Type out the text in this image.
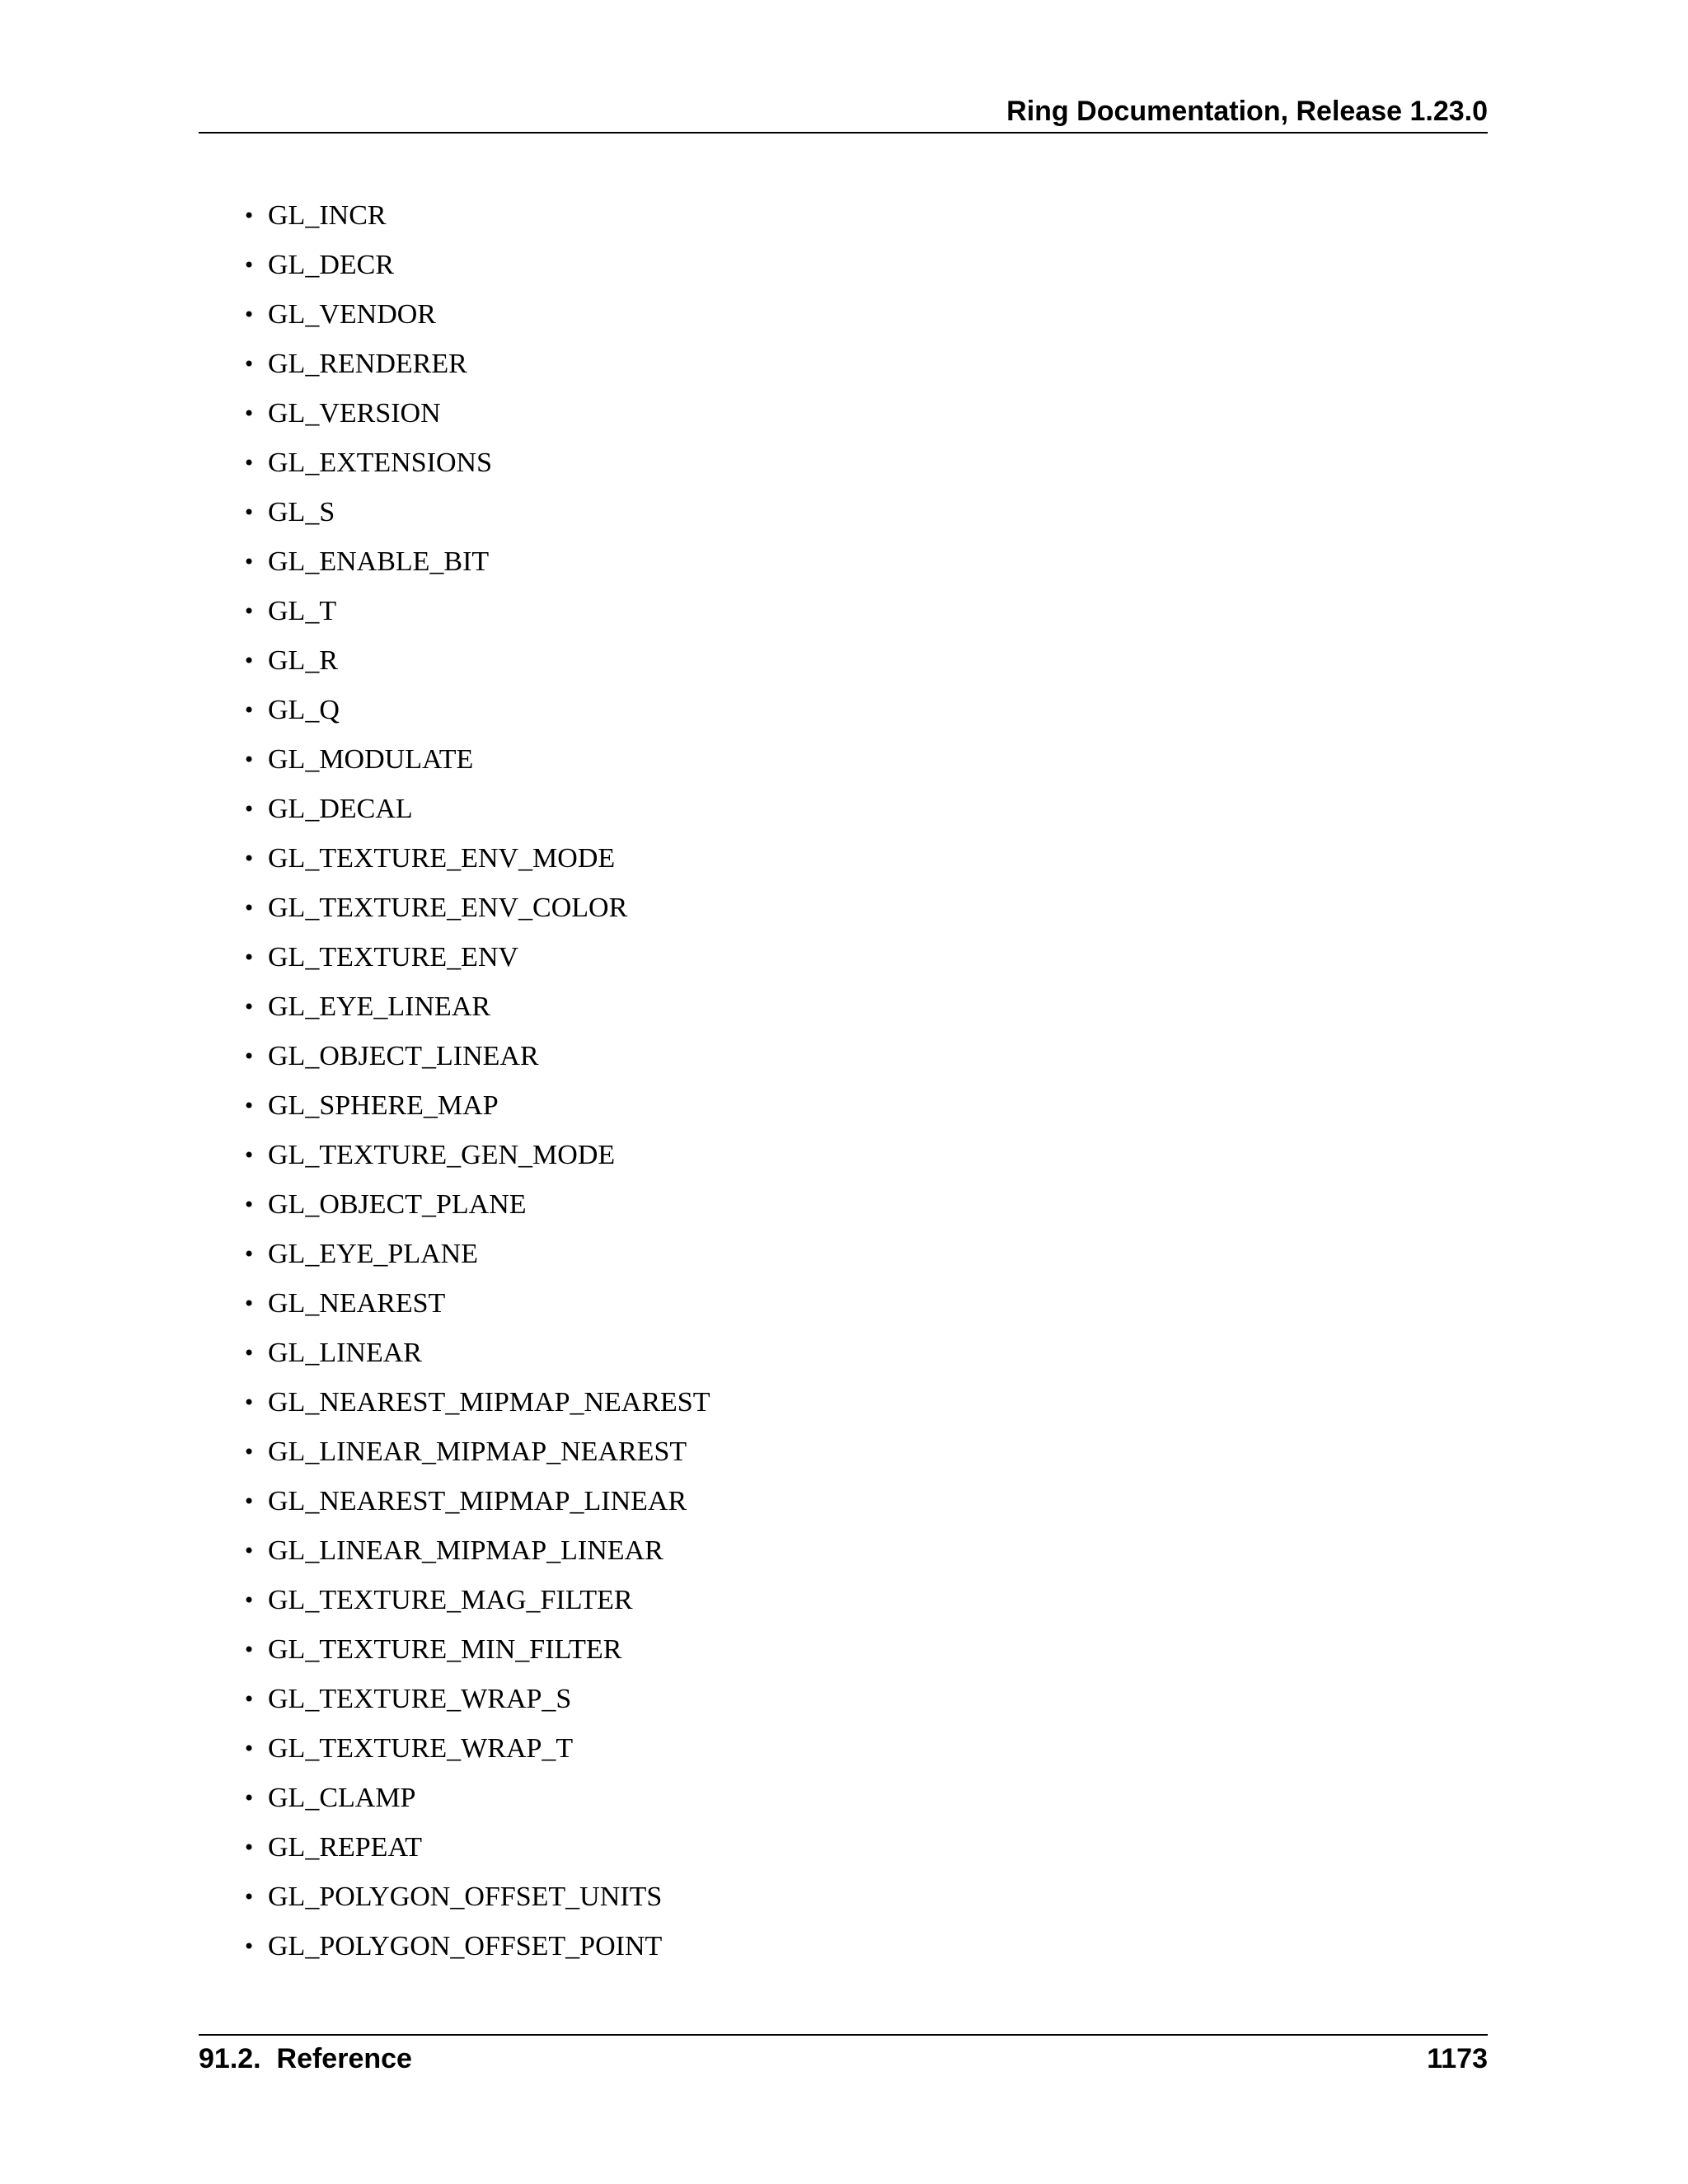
Ring Documentation, Release 1.23.0
• GL_INCR
• GL_DECR
• GL_VENDOR
• GL_RENDERER
• GL_VERSION
• GL_EXTENSIONS
• GL_S
• GL_ENABLE_BIT
• GL_T
• GL_R
• GL_Q
• GL_MODULATE
• GL_DECAL
• GL_TEXTURE_ENV_MODE
• GL_TEXTURE_ENV_COLOR
• GL_TEXTURE_ENV
• GL_EYE_LINEAR
• GL_OBJECT_LINEAR
• GL_SPHERE_MAP
• GL_TEXTURE_GEN_MODE
• GL_OBJECT_PLANE
• GL_EYE_PLANE
• GL_NEAREST
• GL_LINEAR
• GL_NEAREST_MIPMAP_NEAREST
• GL_LINEAR_MIPMAP_NEAREST
• GL_NEAREST_MIPMAP_LINEAR
• GL_LINEAR_MIPMAP_LINEAR
• GL_TEXTURE_MAG_FILTER
• GL_TEXTURE_MIN_FILTER
• GL_TEXTURE_WRAP_S
• GL_TEXTURE_WRAP_T
• GL_CLAMP
• GL_REPEAT
• GL_POLYGON_OFFSET_UNITS
• GL_POLYGON_OFFSET_POINT
91.2.  Reference	1173
